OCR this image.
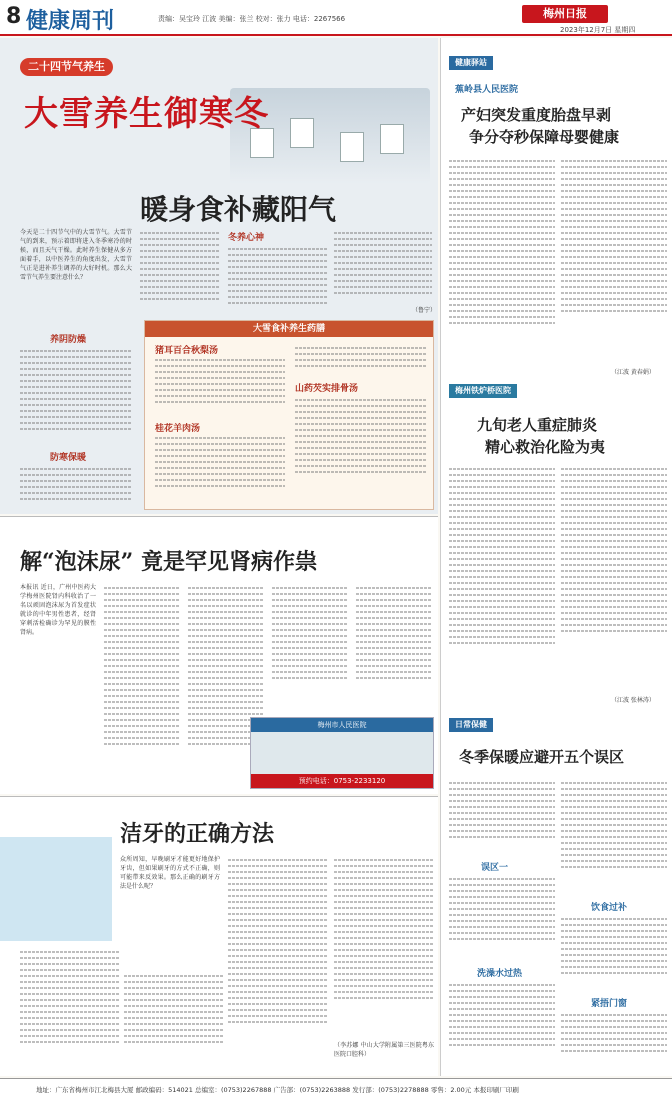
8 健康周刊	责编：吴宝玲 江波 美编：张兰 校对：张力 电话：2267566	梅州日报
2023年12月7日 星期四
二十四节气养生
大雪养生御寒冬
暖身食补藏阳气
今天是二十四节气中的大雪节气。大雪节气的到来，预示着即将进入冬季寒冷的时候，而且天气干燥。此时养生保健从多方面着手，以中医养生的角度出发，大雪节气正是进补养生调养的大好时机。那么大雪节气养生要注意什么？
养阴防燥
防寒保暖
冬养心神
（鲁宁）
大雪食补养生药膳
猪耳百合秋梨汤
桂花羊肉汤
山药芡实排骨汤
解“泡沫尿” 竟是罕见肾病作祟
本报讯 近日，广州中医药大学梅州医院肾内科收治了一名以顽固泡沫尿为首发症状就诊的中年男性患者，经肾穿刺活检确诊为罕见的膜性肾病。
梅州市人民医院
预约电话：0753-2233120
洁牙的正确方法
众所周知，早晚刷牙才能更好地保护牙齿，但如果刷牙的方式不正确，则可能带来反效果。那么正确的刷牙方法是什么呢？
（李苏娜 中山大学附属第三医院粤东医院口腔科）
健康驿站
蕉岭县人民医院
产妇突发重度胎盘早剥
争分夺秒保障母婴健康
（江波 黄春娟）
梅州铁炉桥医院
九旬老人重症肺炎
精心救治化险为夷
（江波 张林涛）
日常保健
冬季保暖应避开五个误区
误区一
洗澡水过热
饮食过补
紧捂门窗
地址：广东省梅州市江北梅县大厦 邮政编码：514021 总编室：(0753)2267888 广告部：(0753)2263888 发行部：(0753)2278888 零售：2.00元 本报印刷厂印刷
